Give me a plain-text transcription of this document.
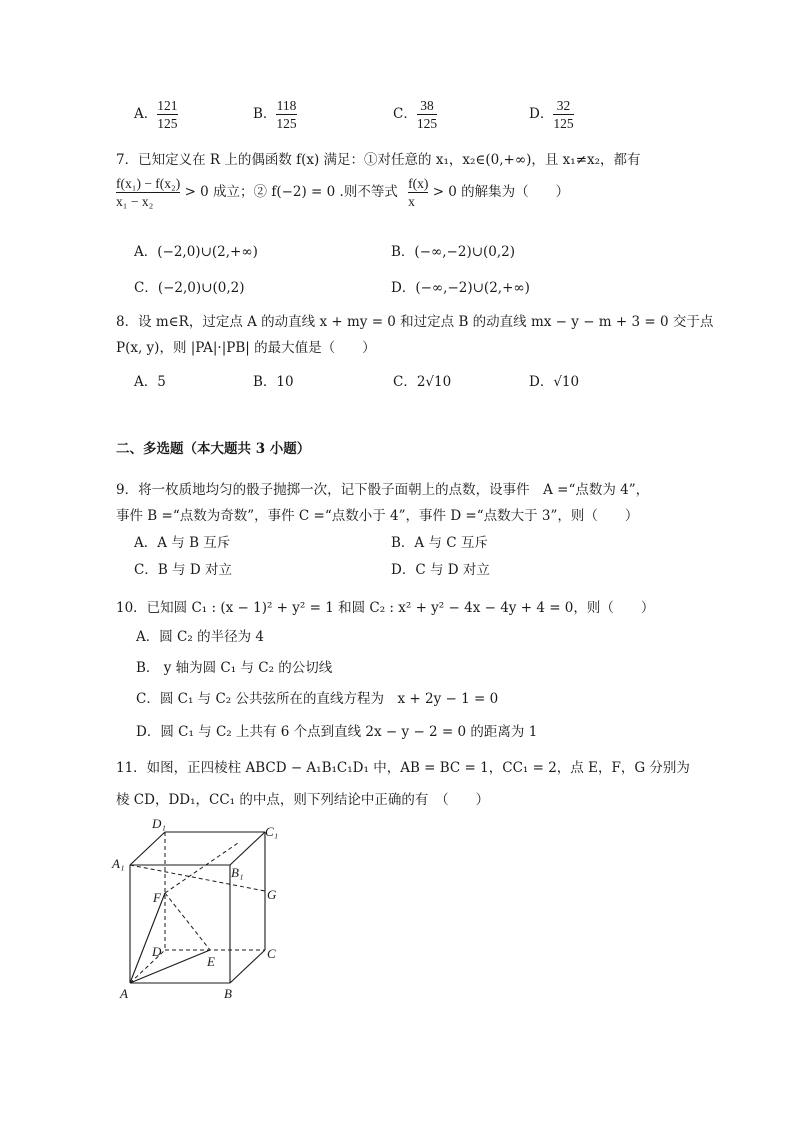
A． $\frac{121}{125}$	B． $\frac{118}{125}$	C． $\frac{38}{125}$	D． $\frac{32}{125}$
7．已知定义在 R 上的偶函数 f(x) 满足：①对任意的 x₁，x₂∈(0,+∞)，且 x₁≠x₂，都有
$\frac{\text{f(x₁) − f(x₂)}}{\text{x₁ − x₂}} > 0$ 成立；② f(−2) = 0 .则不等式 $\frac{f(x)}{x} > 0$ 的解集为（　　）
A．(−2,0)∪(2,+∞)	B．(−∞,−2)∪(0,2)
C．(−2,0)∪(0,2)	D．(−∞,−2)∪(2,+∞)
8．设 m∈R，过定点 A 的动直线 x + my = 0 和过定点 B 的动直线 mx − y − m + 3 = 0 交于点
P(x, y)，则 |PA|·|PB| 的最大值是（　　）
A．5	B．10	C．2√10	D．√10
二、多选题（本大题共 3 小题）
9．将一枚质地均匀的骰子抛掷一次，记下骰子面朝上的点数，设事件　A =“点数为 4”，
事件 B =“点数为奇数”，事件 C =“点数小于 4”，事件 D =“点数大于 3”，则（　　）
A．A 与 B 互斥	B．A 与 C 互斥
C．B 与 D 对立	D．C 与 D 对立
10．已知圆 C₁ : (x − 1)² + y² = 1 和圆 C₂ : x² + y² − 4x − 4y + 4 = 0，则（　　）
A．圆 C₂ 的半径为 4
B． y 轴为圆 C₁ 与 C₂ 的公切线
C．圆 C₁ 与 C₂ 公共弦所在的直线方程为　x + 2y − 1 = 0
D．圆 C₁ 与 C₂ 上共有 6 个点到直线 2x − y − 2 = 0 的距离为 1
11．如图，正四棱柱 ABCD − A₁B₁C₁D₁ 中，AB = BC = 1，CC₁ = 2，点 E，F，G 分别为
棱 CD，DD₁，CC₁ 的中点，则下列结论中正确的有　（　　）
D₁
C₁
A₁
B₁
F	G
D
E
C
A	B
